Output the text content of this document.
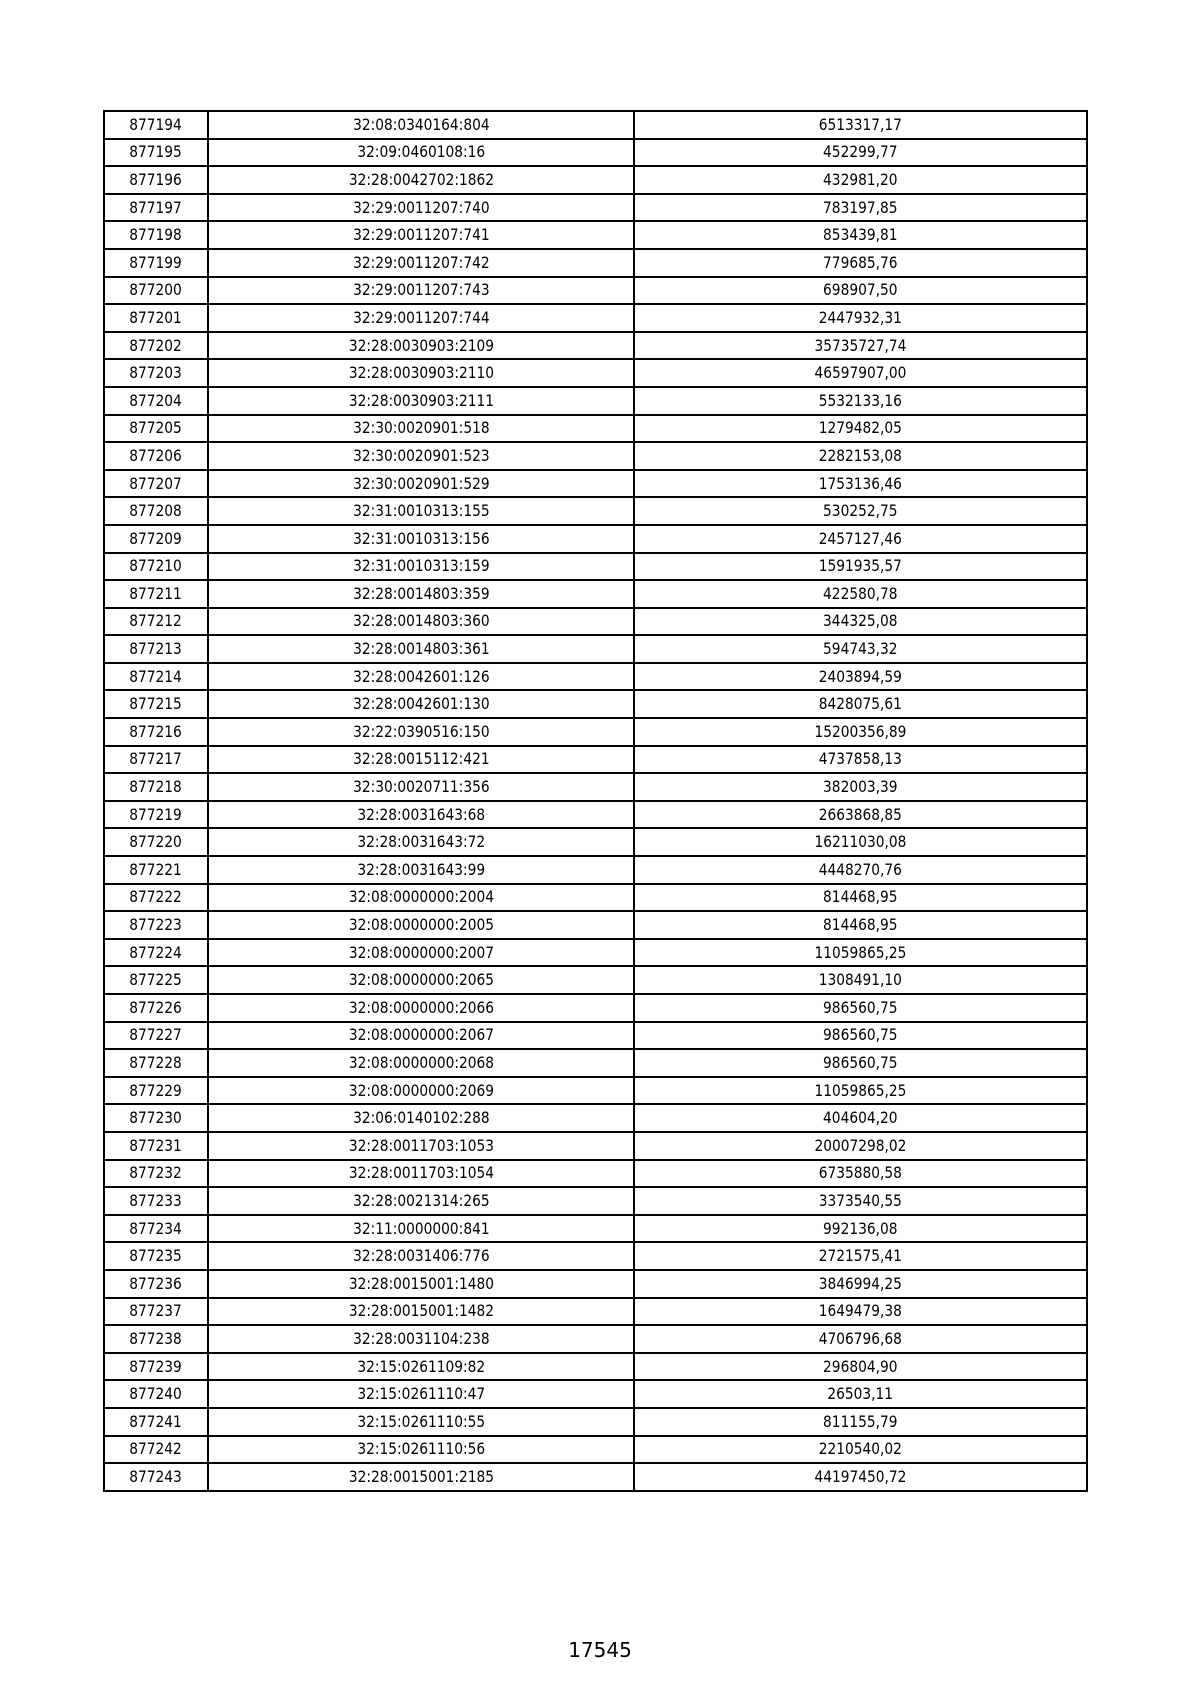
877194	32:08:0340164:804	6513317,17
877195	32:09:0460108:16	452299,77
877196	32:28:0042702:1862	432981,20
877197	32:29:0011207:740	783197,85
877198	32:29:0011207:741	853439,81
877199	32:29:0011207:742	779685,76
877200	32:29:0011207:743	698907,50
877201	32:29:0011207:744	2447932,31
877202	32:28:0030903:2109	35735727,74
877203	32:28:0030903:2110	46597907,00
877204	32:28:0030903:2111	5532133,16
877205	32:30:0020901:518	1279482,05
877206	32:30:0020901:523	2282153,08
877207	32:30:0020901:529	1753136,46
877208	32:31:0010313:155	530252,75
877209	32:31:0010313:156	2457127,46
877210	32:31:0010313:159	1591935,57
877211	32:28:0014803:359	422580,78
877212	32:28:0014803:360	344325,08
877213	32:28:0014803:361	594743,32
877214	32:28:0042601:126	2403894,59
877215	32:28:0042601:130	8428075,61
877216	32:22:0390516:150	15200356,89
877217	32:28:0015112:421	4737858,13
877218	32:30:0020711:356	382003,39
877219	32:28:0031643:68	2663868,85
877220	32:28:0031643:72	16211030,08
877221	32:28:0031643:99	4448270,76
877222	32:08:0000000:2004	814468,95
877223	32:08:0000000:2005	814468,95
877224	32:08:0000000:2007	11059865,25
877225	32:08:0000000:2065	1308491,10
877226	32:08:0000000:2066	986560,75
877227	32:08:0000000:2067	986560,75
877228	32:08:0000000:2068	986560,75
877229	32:08:0000000:2069	11059865,25
877230	32:06:0140102:288	404604,20
877231	32:28:0011703:1053	20007298,02
877232	32:28:0011703:1054	6735880,58
877233	32:28:0021314:265	3373540,55
877234	32:11:0000000:841	992136,08
877235	32:28:0031406:776	2721575,41
877236	32:28:0015001:1480	3846994,25
877237	32:28:0015001:1482	1649479,38
877238	32:28:0031104:238	4706796,68
877239	32:15:0261109:82	296804,90
877240	32:15:0261110:47	26503,11
877241	32:15:0261110:55	811155,79
877242	32:15:0261110:56	2210540,02
877243	32:28:0015001:2185	44197450,72
17545
